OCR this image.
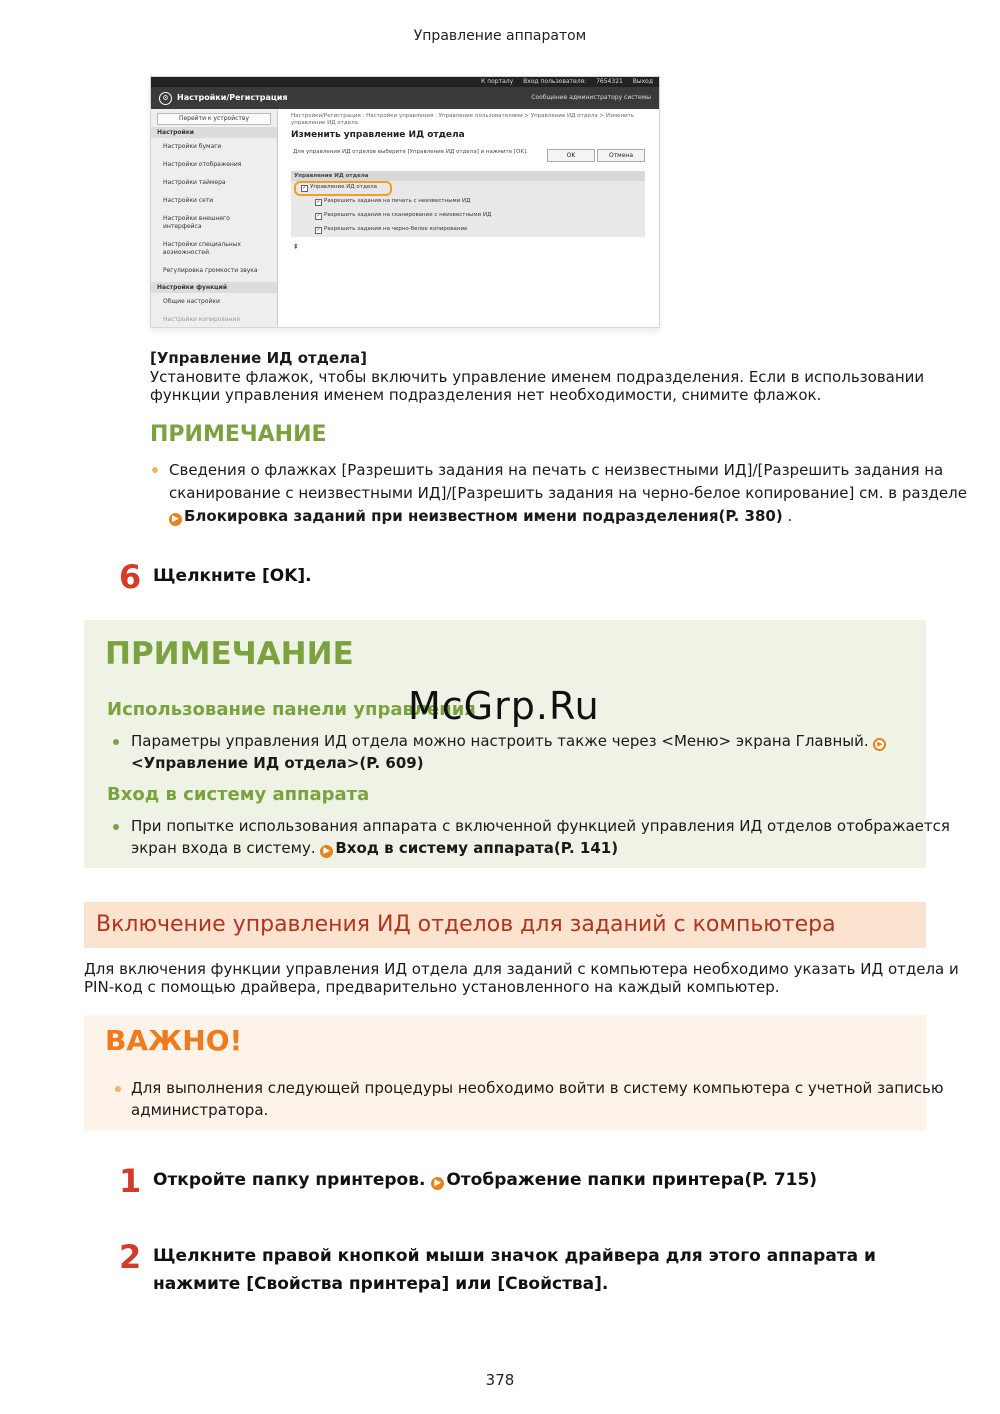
Управление аппаратом
К порталу Вход пользователя: 7654321 Выход
⚙	Настройки/Регистрация	Сообщение администратору системы
Перейти к устройству
Настройки
Настройки бумаги
Настройки отображения
Настройки таймера
Настройки сети
Настройки внешнего интерфейса
Настройки специальных возможностей
Регулировка громкости звука
Настройки функций
Общие настройки
Настройки копирования
Настройки/Регистрация : Настройки управления : Управление пользователями > Управление ИД отдела > Изменить управление ИД отдела
Изменить управление ИД отдела
Для управления ИД отделов выберите [Управление ИД отдела] и нажмите [OK].	OK	Отмена
Управление ИД отдела
✓ Управление ИД отдела
✓ Разрешить задания на печать с неизвестными ИД
✓ Разрешить задания на сканирование с неизвестными ИД
✓ Разрешить задания на черно-белое копирование
⇞
[Управление ИД отдела]
Установите флажок, чтобы включить управление именем подразделения. Если в использовании
функции управления именем подразделения нет необходимости, снимите флажок.
ПРИМЕЧАНИЕ
Сведения о флажках [Разрешить задания на печать с неизвестными ИД]/[Разрешить задания на
сканирование с неизвестными ИД]/[Разрешить задания на черно-белое копирование] см. в разделе
▶ Блокировка заданий при неизвестном имени подразделения(P. 380) .
6 Щелкните [OK].
ПРИМЕЧАНИЕ
Использование панели управления
Параметры управления ИД отдела можно настроить также через <Меню> экрана Главный. ▶
<Управление ИД отдела>(P. 609)
Вход в систему аппарата
При попытке использования аппарата с включенной функцией управления ИД отделов отображается
экран входа в систему. ▶ Вход в систему аппарата(P. 141)
McGrp.Ru
Включение управления ИД отделов для заданий с компьютера
Для включения функции управления ИД отдела для заданий с компьютера необходимо указать ИД отдела и
PIN-код с помощью драйвера, предварительно установленного на каждый компьютер.
ВАЖНО!
Для выполнения следующей процедуры необходимо войти в систему компьютера с учетной записью
администратора.
1 Откройте папку принтеров. ▶ Отображение папки принтера(P. 715)
2 Щелкните правой кнопкой мыши значок драйвера для этого аппарата и
нажмите [Свойства принтера] или [Свойства].
378
